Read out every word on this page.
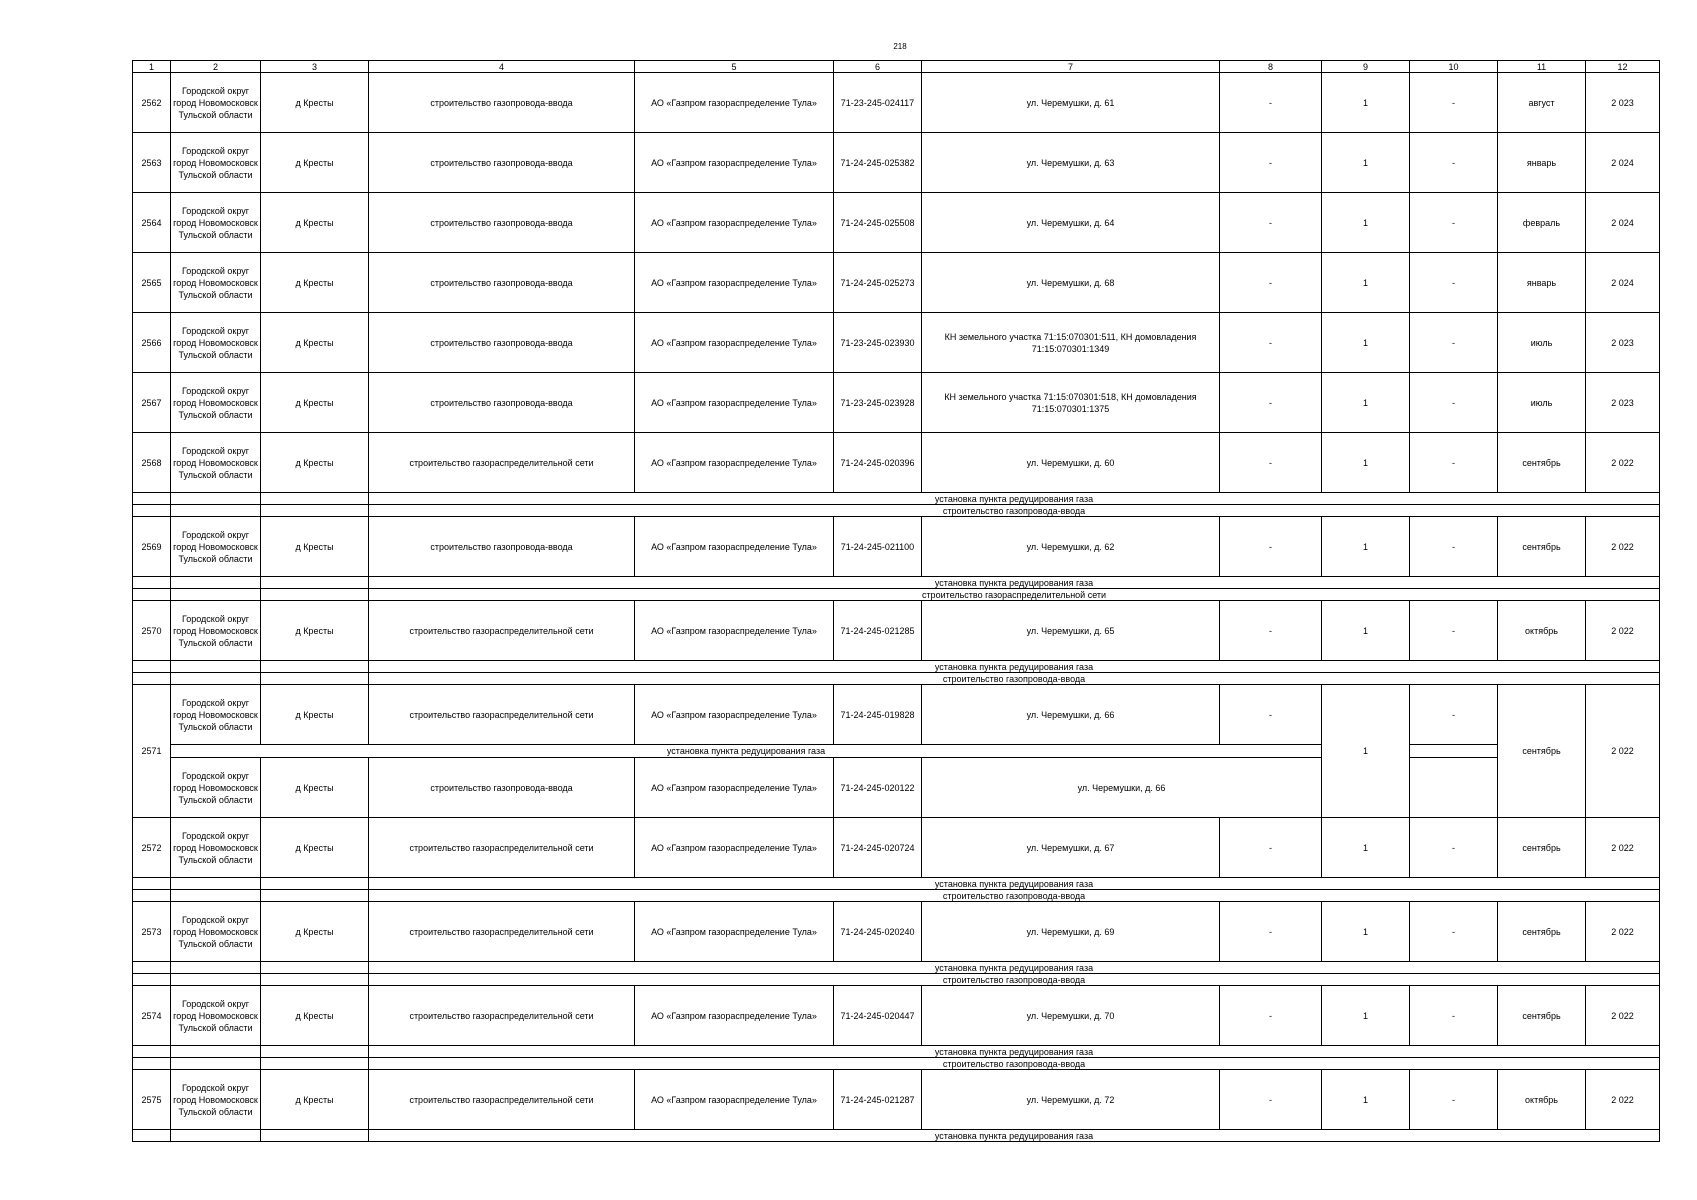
218
1	2	3	4	5	6	7	8	9	10	11	12
2562	Городской округ город Новомосковск Тульской области	д Кресты	строительство газопровода-ввода	АО «Газпром газораспределение Тула»	71-23-245-024117	ул. Черемушки, д. 61	-	1	-	август	2 023
2563	Городской округ город Новомосковск Тульской области	д Кресты	строительство газопровода-ввода	АО «Газпром газораспределение Тула»	71-24-245-025382	ул. Черемушки, д. 63	-	1	-	январь	2 024
2564	Городской округ город Новомосковск Тульской области	д Кресты	строительство газопровода-ввода	АО «Газпром газораспределение Тула»	71-24-245-025508	ул. Черемушки, д. 64	-	1	-	февраль	2 024
2565	Городской округ город Новомосковск Тульской области	д Кресты	строительство газопровода-ввода	АО «Газпром газораспределение Тула»	71-24-245-025273	ул. Черемушки, д. 68	-	1	-	январь	2 024
2566	Городской округ город Новомосковск Тульской области	д Кресты	строительство газопровода-ввода	АО «Газпром газораспределение Тула»	71-23-245-023930	КН земельного участка 71:15:070301:511, КН домовладения 71:15:070301:1349	-	1	-	июль	2 023
2567	Городской округ город Новомосковск Тульской области	д Кресты	строительство газопровода-ввода	АО «Газпром газораспределение Тула»	71-23-245-023928	КН земельного участка 71:15:070301:518, КН домовладения 71:15:070301:1375	-	1	-	июль	2 023
2568	Городской округ город Новомосковск Тульской области	д Кресты	строительство газораспределительной сети	АО «Газпром газораспределение Тула»	71-24-245-020396	ул. Черемушки, д. 60	-	1	-	сентябрь	2 022
			установка пункта редуцирования газа								
			строительство газопровода-ввода								
2569	Городской округ город Новомосковск Тульской области	д Кресты	строительство газопровода-ввода	АО «Газпром газораспределение Тула»	71-24-245-021100	ул. Черемушки, д. 62	-	1	-	сентябрь	2 022
			установка пункта редуцирования газа								
			строительство газораспределительной сети								
2570	Городской округ город Новомосковск Тульской области	д Кресты	строительство газораспределительной сети	АО «Газпром газораспределение Тула»	71-24-245-021285	ул. Черемушки, д. 65	-	1	-	октябрь	2 022
			установка пункта редуцирования газа								
			строительство газопровода-ввода								
2571	Городской округ город Новомосковск Тульской области	д Кресты	строительство газораспределительной сети	АО «Газпром газораспределение Тула»	71-24-245-019828	ул. Черемушки, д. 66	-	1	-	сентябрь	2 022
	установка пункта редуцирования газа										
	Городской округ город Новомосковск Тульской области	д Кресты	строительство газопровода-ввода	АО «Газпром газораспределение Тула»	71-24-245-020122	ул. Черемушки, д. 66					
2572	Городской округ город Новомосковск Тульской области	д Кресты	строительство газораспределительной сети	АО «Газпром газораспределение Тула»	71-24-245-020724	ул. Черемушки, д. 67	-	1	-	сентябрь	2 022
			установка пункта редуцирования газа								
			строительство газопровода-ввода								
2573	Городской округ город Новомосковск Тульской области	д Кресты	строительство газораспределительной сети	АО «Газпром газораспределение Тула»	71-24-245-020240	ул. Черемушки, д. 69	-	1	-	сентябрь	2 022
			установка пункта редуцирования газа								
			строительство газопровода-ввода								
2574	Городской округ город Новомосковск Тульской области	д Кресты	строительство газораспределительной сети	АО «Газпром газораспределение Тула»	71-24-245-020447	ул. Черемушки, д. 70	-	1	-	сентябрь	2 022
			установка пункта редуцирования газа								
			строительство газопровода-ввода								
2575	Городской округ город Новомосковск Тульской области	д Кресты	строительство газораспределительной сети	АО «Газпром газораспределение Тула»	71-24-245-021287	ул. Черемушки, д. 72	-	1	-	октябрь	2 022
			установка пункта редуцирования газа								
